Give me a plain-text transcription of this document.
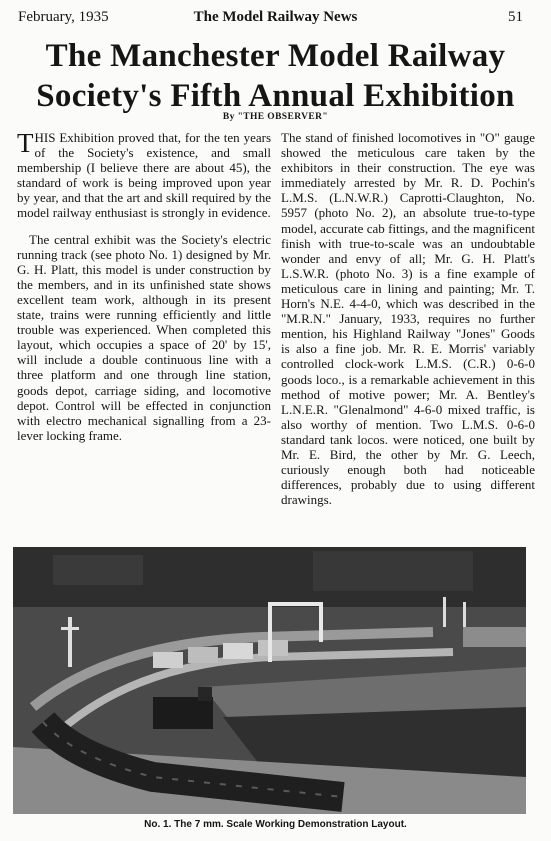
February, 1935	The Model Railway News	51
The Manchester Model Railway
Society's Fifth Annual Exhibition
By "THE OBSERVER"

THIS Exhibition proved that, for the ten years of the Society's existence, and small membership (I believe there are about 45), the standard of work is being improved upon year by year, and that the art and skill required by the model railway enthusiast is strongly in evidence.

The central exhibit was the Society's electric running track (see photo No. 1) designed by Mr. G. H. Platt, this model is under construction by the members, and in its unfinished state shows excellent team work, although in its present state, trains were running efficiently and little trouble was experienced. When completed this layout, which occupies a space of 20' by 15', will include a double continuous line with a three platform and one through line station, goods depot, carriage siding, and locomotive depot. Control will be effected in conjunction with electro mechanical signalling from a 23-lever locking frame.

The stand of finished locomotives in "O" gauge showed the meticulous care taken by the exhibitors in their construction. The eye was immediately arrested by Mr. R. D. Pochin's L.M.S. (L.N.W.R.) Caprotti-Claughton, No. 5957 (photo No. 2), an absolute true-to-type model, accurate cab fittings, and the magnificent finish with true-to-scale was an undoubtable wonder and envy of all; Mr. G. H. Platt's L.S.W.R. (photo No. 3) is a fine example of meticulous care in lining and painting; Mr. T. Horn's N.E. 4-4-0, which was described in the "M.R.N." January, 1933, requires no further mention, his Highland Railway "Jones" Goods is also a fine job. Mr. R. E. Morris' variably controlled clock-work L.M.S. (C.R.) 0-6-0 goods loco., is a remarkable achievement in this method of motive power; Mr. A. Bentley's L.N.E.R. "Glenalmond" 4-6-0 mixed traffic, is also worthy of mention. Two L.M.S. 0-6-0 standard tank locos. were noticed, one built by Mr. E. Bird, the other by Mr. G. Leech, curiously enough both had noticeable differences, probably due to using different drawings.

No. 1. The 7 mm. Scale Working Demonstration Layout.
